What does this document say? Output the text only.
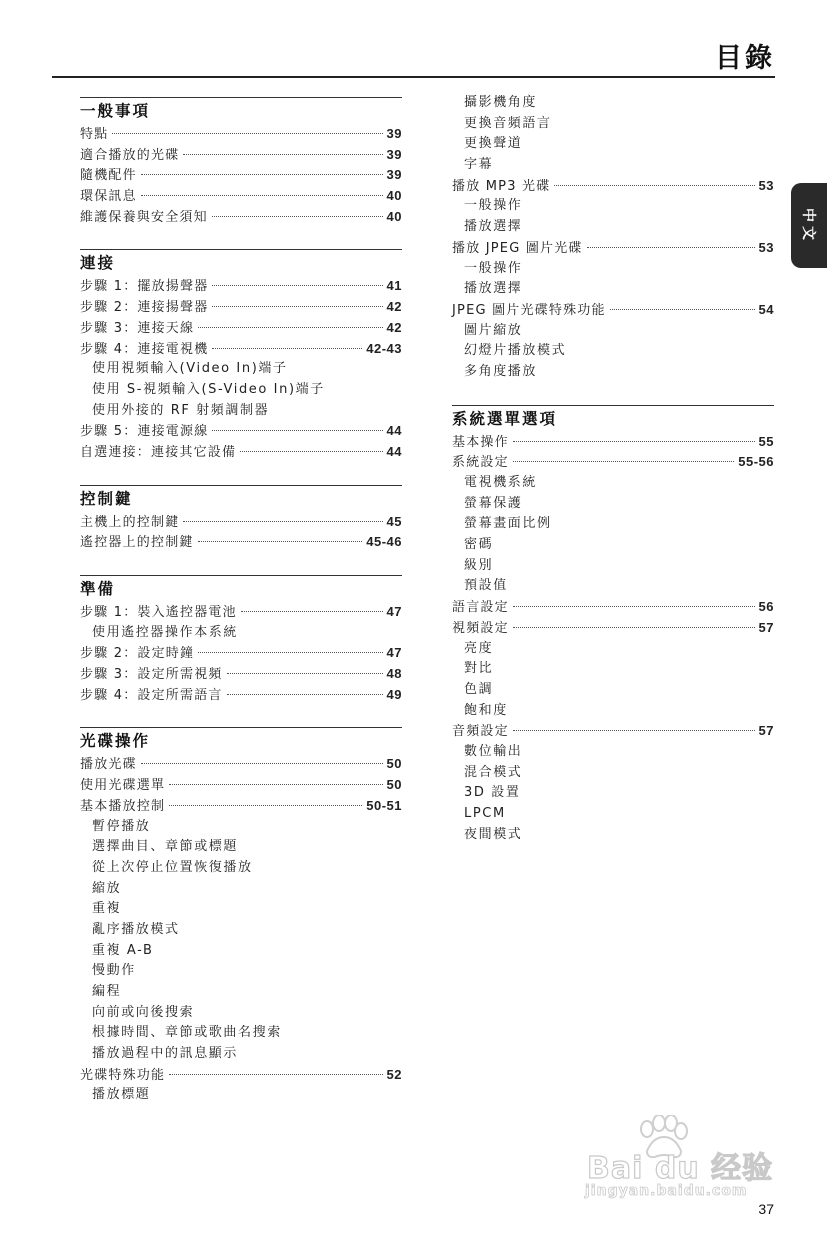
目錄
一般事項
特點	39
適合播放的光碟	39
隨機配件	39
環保訊息	40
維護保養與安全須知	40
連接
步驟 1：擺放揚聲器	41
步驟 2：連接揚聲器	42
步驟 3：連接天線	42
步驟 4：連接電視機	42-43
使用視頻輸入(Video In)端子
使用 S-視頻輸入(S-Video In)端子
使用外接的 RF 射頻調制器
步驟 5：連接電源線	44
自選連接：連接其它設備	44
控制鍵
主機上的控制鍵	45
遙控器上的控制鍵	45-46
準備
步驟 1：裝入遙控器電池	47
使用遙控器操作本系統
步驟 2：設定時鐘	47
步驟 3：設定所需視頻	48
步驟 4：設定所需語言	49
光碟操作
播放光碟	50
使用光碟選單	50
基本播放控制	50-51
暫停播放
選擇曲目、章節或標題
從上次停止位置恢復播放
縮放
重複
亂序播放模式
重複 A-B
慢動作
編程
向前或向後搜索
根據時間、章節或歌曲名搜索
播放過程中的訊息顯示
光碟特殊功能	52
播放標題
攝影機角度
更換音頻語言
更換聲道
字幕
播放 MP3 光碟	53
一般操作
播放選擇
播放 JPEG 圖片光碟	53
一般操作
播放選擇
JPEG 圖片光碟特殊功能	54
圖片縮放
幻燈片播放模式
多角度播放
系統選單選項
基本操作	55
系統設定	55-56
電視機系統
螢幕保護
螢幕畫面比例
密碼
級別
預設值
語言設定	56
視頻設定	57
亮度
對比
色調
飽和度
音頻設定	57
數位輸出
混合模式
3D 設置
LPCM
夜間模式
中文
Bai du 经验
jingyan.baidu.com
37
